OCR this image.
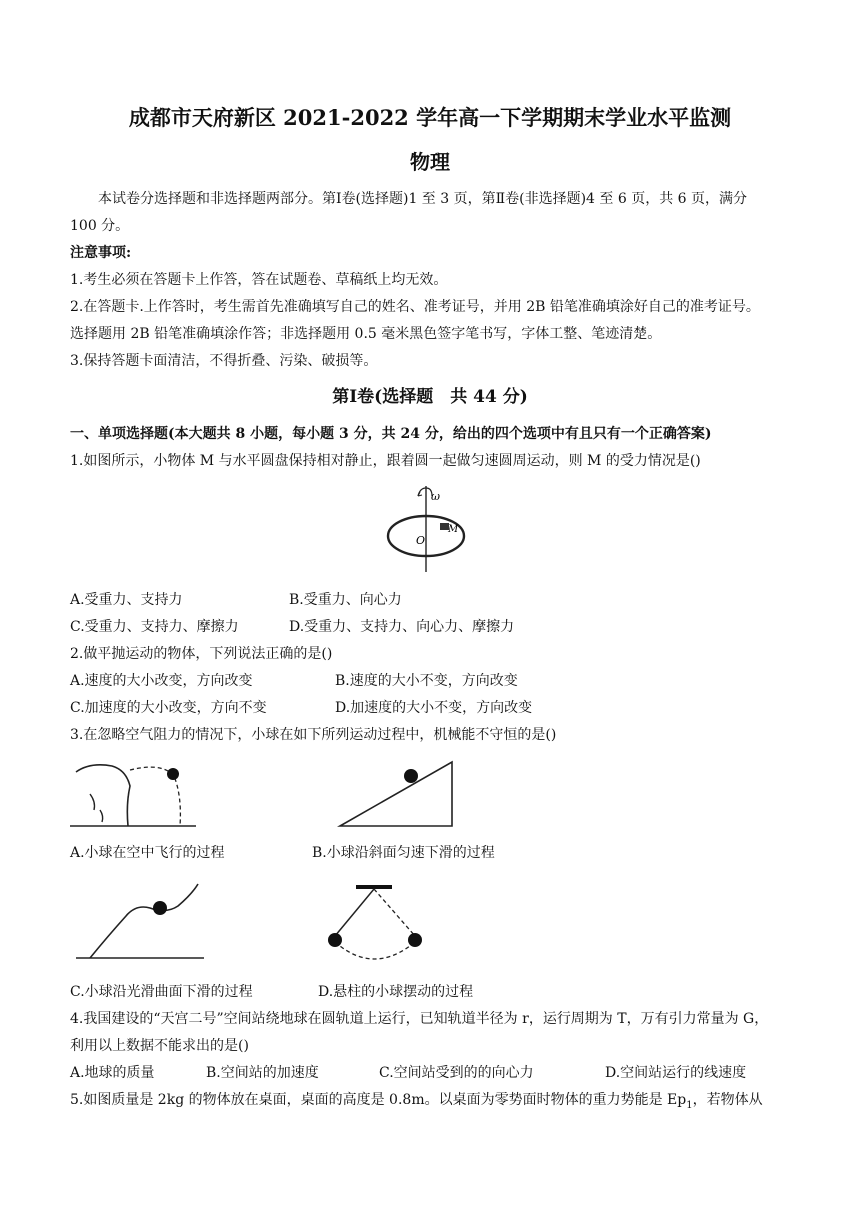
成都市天府新区 2021-2022 学年高一下学期期末学业水平监测
物理
本试卷分选择题和非选择题两部分。第Ⅰ卷(选择题)1 至 3 页，第Ⅱ卷(非选择题)4 至 6 页，共 6 页，满分
100 分。
注意事项:
1.考生必须在答题卡上作答，答在试题卷、草稿纸上均无效。
2.在答题卡.上作答时，考生需首先准确填写自己的姓名、准考证号，并用 2B 铅笔准确填涂好自己的准考证号。
选择题用 2B 铅笔准确填涂作答；非选择题用 0.5 毫米黑色签字笔书写，字体工整、笔迹清楚。
3.保持答题卡面清洁，不得折叠、污染、破损等。
第Ⅰ卷(选择题　共 44 分)
一、单项选择题(本大题共 8 小题，每小题 3 分，共 24 分，给出的四个选项中有且只有一个正确答案)
1.如图所示，小物体 M 与水平圆盘保持相对静止，跟着圆一起做匀速圆周运动，则 M 的受力情况是()
ω
O
M
A.受重力、支持力	B.受重力、向心力
C.受重力、支持力、摩擦力	D.受重力、支持力、向心力、摩擦力
2.做平抛运动的物体，下列说法正确的是()
A.速度的大小改变，方向改变	B.速度的大小不变，方向改变
C.加速度的大小改变，方向不变	D.加速度的大小不变，方向改变
3.在忽略空气阻力的情况下，小球在如下所列运动过程中，机械能不守恒的是()
A.小球在空中飞行的过程	B.小球沿斜面匀速下滑的过程
C.小球沿光滑曲面下滑的过程	D.悬柱的小球摆动的过程
4.我国建设的“天宫二号”空间站绕地球在圆轨道上运行，已知轨道半径为 r，运行周期为 T，万有引力常量为 G，
利用以上数据不能求出的是()
A.地球的质量	B.空间站的加速度	C.空间站受到的的向心力	D.空间站运行的线速度
5.如图质量是 2kg 的物体放在桌面，桌面的高度是 0.8m。以桌面为零势面时物体的重力势能是 $Ep_1$，若物体从
